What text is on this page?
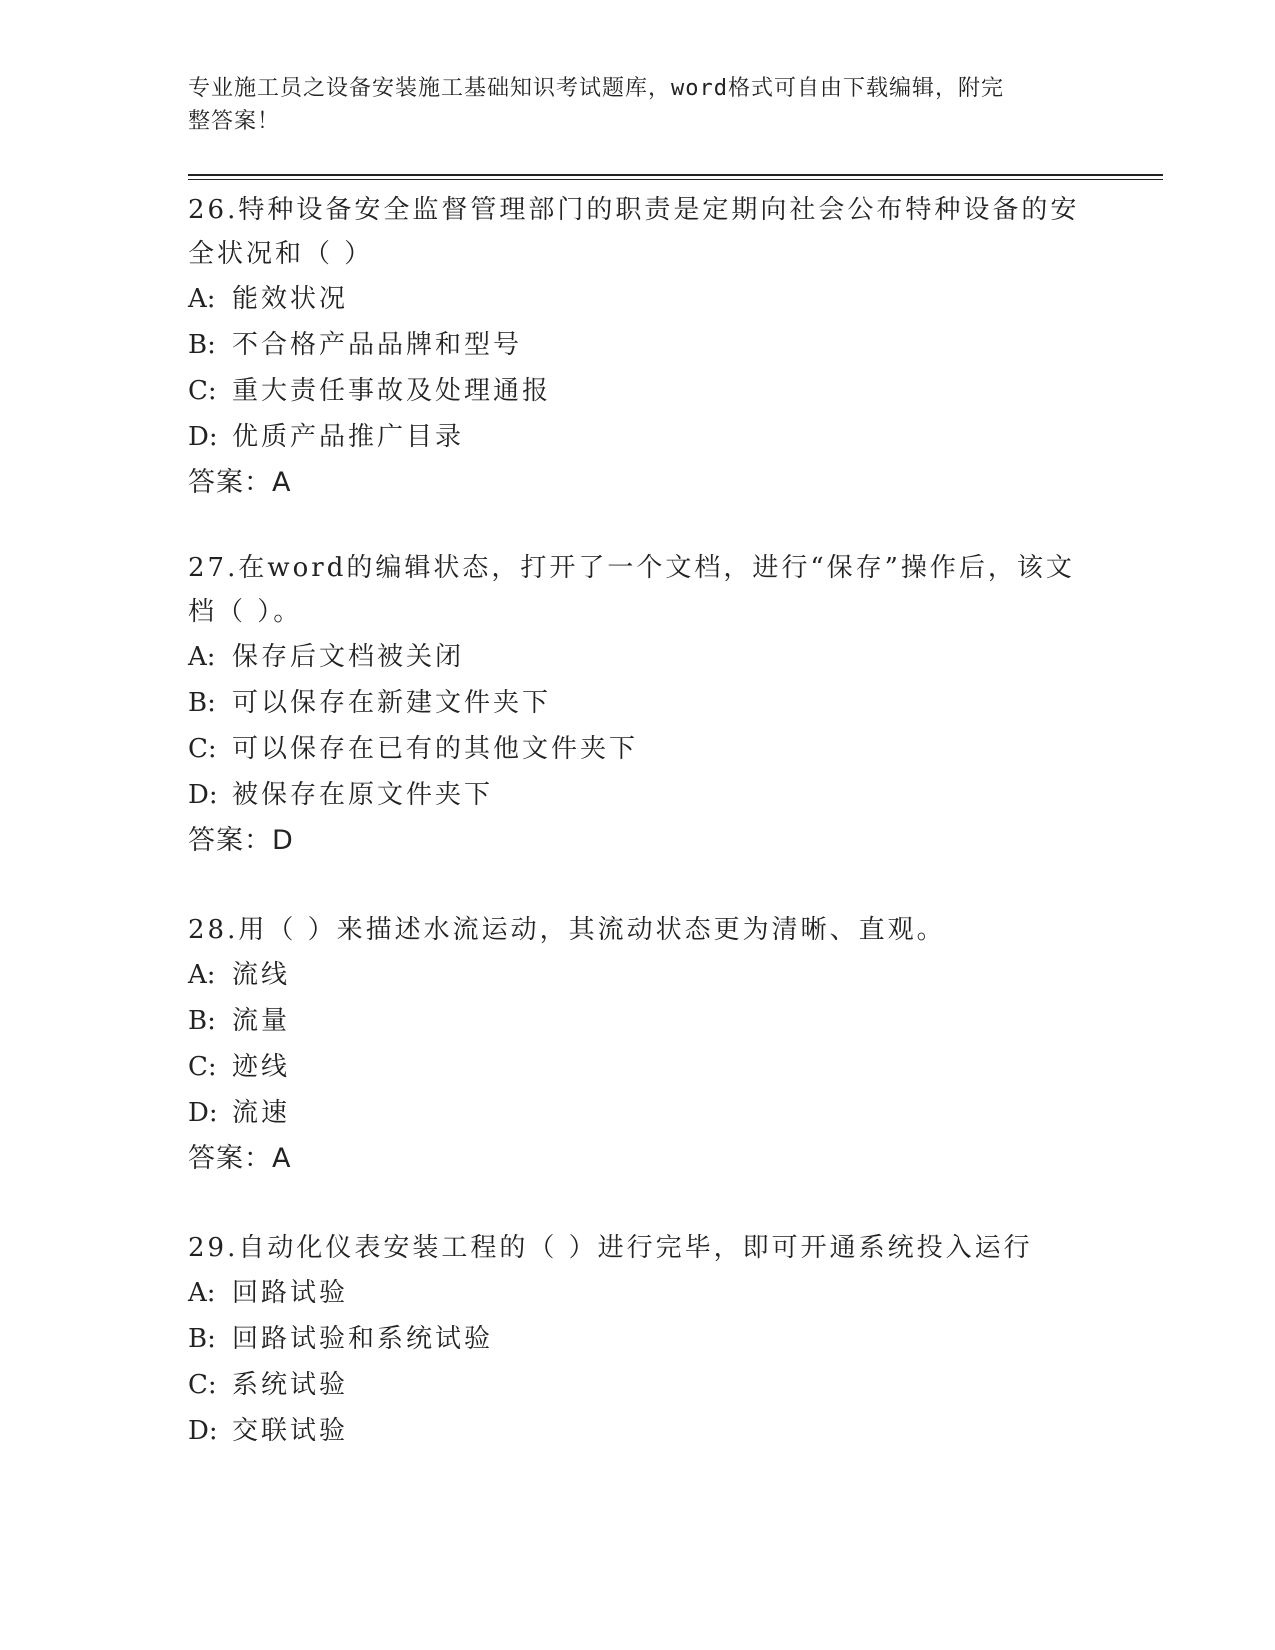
专业施工员之设备安装施工基础知识考试题库，word格式可自由下载编辑，附完
整答案！
26.特种设备安全监督管理部门的职责是定期向社会公布特种设备的安全状况和（ ）
A: 能效状况
B: 不合格产品品牌和型号
C: 重大责任事故及处理通报
D: 优质产品推广目录
答案：A
27.在word的编辑状态，打开了一个文档，进行“保存”操作后，该文档（ ）。
A: 保存后文档被关闭
B: 可以保存在新建文件夹下
C: 可以保存在已有的其他文件夹下
D: 被保存在原文件夹下
答案：D
28.用（ ）来描述水流运动，其流动状态更为清晰、直观。
A: 流线
B: 流量
C: 迹线
D: 流速
答案：A
29.自动化仪表安装工程的（ ）进行完毕，即可开通系统投入运行
A: 回路试验
B: 回路试验和系统试验
C: 系统试验
D: 交联试验
